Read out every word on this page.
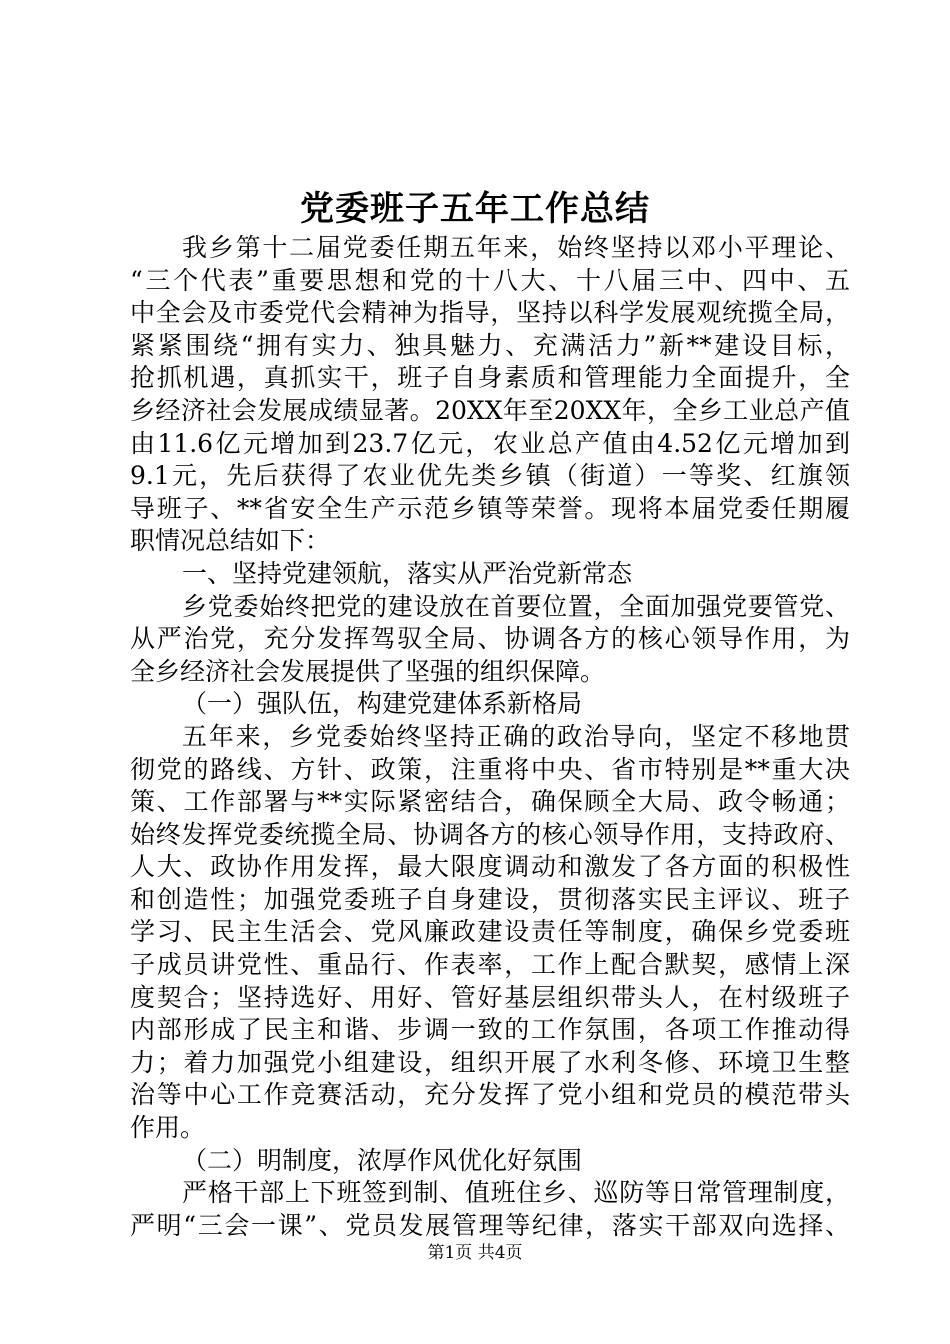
党委班子五年工作总结
我乡第十二届党委任期五年来，始终坚持以邓小平理论、
“三个代表”重要思想和党的十八大、十八届三中、四中、五
中全会及市委党代会精神为指导，坚持以科学发展观统揽全局，
紧紧围绕“拥有实力、独具魅力、充满活力”新**建设目标，
抢抓机遇，真抓实干，班子自身素质和管理能力全面提升，全
乡经济社会发展成绩显著。20XX年至20XX年，全乡工业总产值
由11.6亿元增加到23.7亿元，农业总产值由4.52亿元增加到
9.1元，先后获得了农业优先类乡镇（街道）一等奖、红旗领
导班子、**省安全生产示范乡镇等荣誉。现将本届党委任期履
职情况总结如下：
一、坚持党建领航，落实从严治党新常态
乡党委始终把党的建设放在首要位置，全面加强党要管党、
从严治党，充分发挥驾驭全局、协调各方的核心领导作用，为
全乡经济社会发展提供了坚强的组织保障。
（一）强队伍，构建党建体系新格局
五年来，乡党委始终坚持正确的政治导向，坚定不移地贯
彻党的路线、方针、政策，注重将中央、省市特别是**重大决
策、工作部署与**实际紧密结合，确保顾全大局、政令畅通；
始终发挥党委统揽全局、协调各方的核心领导作用，支持政府、
人大、政协作用发挥，最大限度调动和激发了各方面的积极性
和创造性；加强党委班子自身建设，贯彻落实民主评议、班子
学习、民主生活会、党风廉政建设责任等制度，确保乡党委班
子成员讲党性、重品行、作表率，工作上配合默契，感情上深
度契合；坚持选好、用好、管好基层组织带头人，在村级班子
内部形成了民主和谐、步调一致的工作氛围，各项工作推动得
力；着力加强党小组建设，组织开展了水利冬修、环境卫生整
治等中心工作竞赛活动，充分发挥了党小组和党员的模范带头
作用。
（二）明制度，浓厚作风优化好氛围
严格干部上下班签到制、值班住乡、巡防等日常管理制度，
严明“三会一课”、党员发展管理等纪律，落实干部双向选择、
第1页 共4页
